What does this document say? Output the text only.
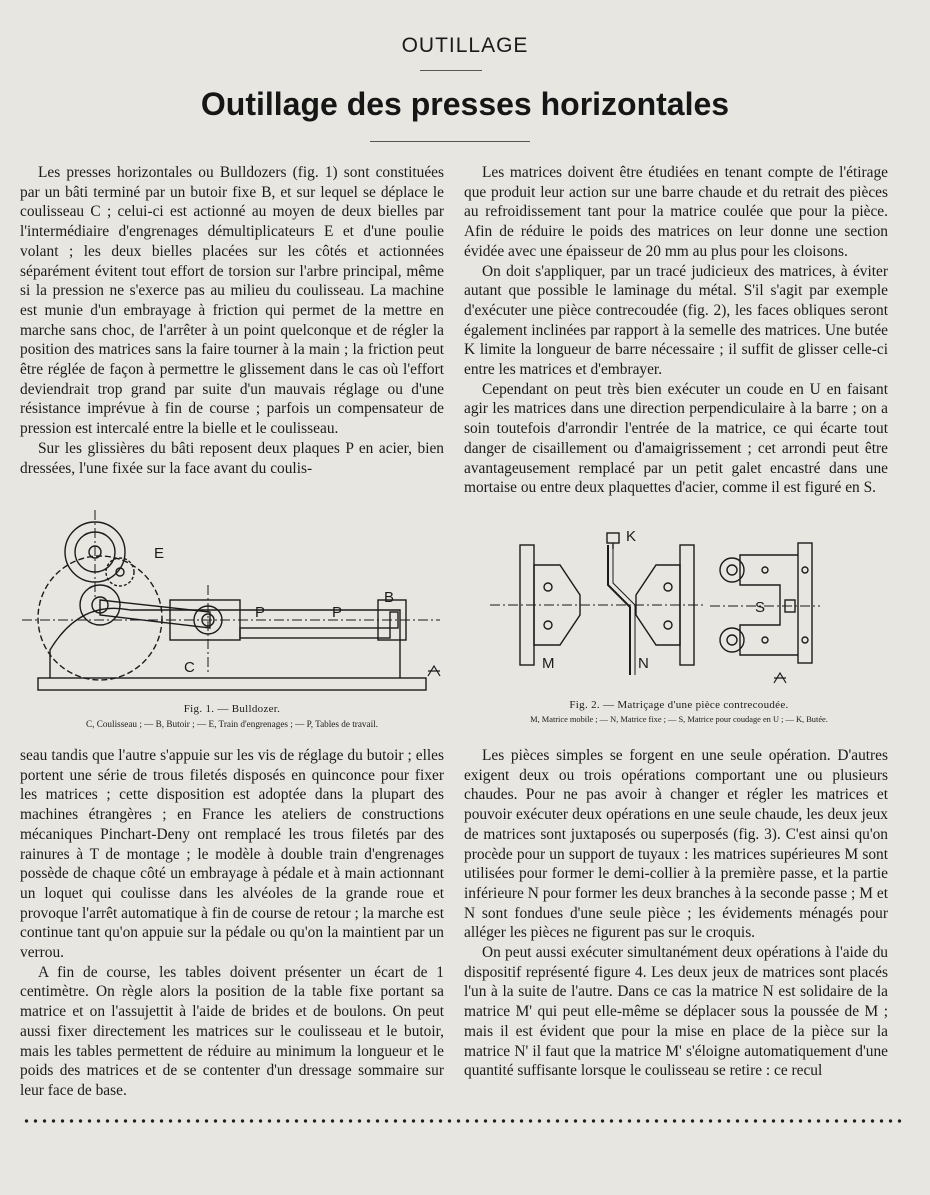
OUTILLAGE
Outillage des presses horizontales

Les presses horizontales ou Bulldozers (fig. 1) sont constituées par un bâti terminé par un butoir fixe B, et sur lequel se déplace le coulisseau C ; celui-ci est actionné au moyen de deux bielles par l'intermédiaire d'engrenages démultiplicateurs E et d'une poulie volant ; les deux bielles placées sur les côtés et actionnées séparément évitent tout effort de torsion sur l'arbre principal, même si la pression ne s'exerce pas au milieu du coulisseau. La machine est munie d'un embrayage à friction qui permet de la mettre en marche sans choc, de l'arrêter à un point quelconque et de régler la position des matrices sans la faire tourner à la main ; la friction peut être réglée de façon à permettre le glissement dans le cas où l'effort deviendrait trop grand par suite d'un mauvais réglage ou d'une résistance imprévue à fin de course ; parfois un compensateur de pression est intercalé entre la bielle et le coulisseau.

Sur les glissières du bâti reposent deux plaques P en acier, bien dressées, l'une fixée sur la face avant du coulis-

Les matrices doivent être étudiées en tenant compte de l'étirage que produit leur action sur une barre chaude et du retrait des pièces au refroidissement tant pour la matrice coulée que pour la pièce. Afin de réduire le poids des matrices on leur donne une section évidée avec une épaisseur de 20 mm au plus pour les cloisons.

On doit s'appliquer, par un tracé judicieux des matrices, à éviter autant que possible le laminage du métal. S'il s'agit par exemple d'exécuter une pièce contrecoudée (fig. 2), les faces obliques seront également inclinées par rapport à la semelle des matrices. Une butée K limite la longueur de barre nécessaire ; il suffit de glisser celle-ci entre les matrices et d'embrayer.

Cependant on peut très bien exécuter un coude en U en faisant agir les matrices dans une direction perpendiculaire à la barre ; on a soin toutefois d'arrondir l'entrée de la matrice, ce qui écarte tout danger de cisaillement ou d'amaigrissement ; cet arrondi peut être avantageusement remplacé par un petit galet encastré dans une mortaise ou entre deux plaquettes d'acier, comme il est figuré en S.

E
P	P
B
C
Fig. 1. — Bulldozer.
C, Coulisseau ; — B, Butoir ; — E, Train d'engrenages ; — P, Tables de travail.
K
M	N
S
Fig. 2. — Matriçage d'une pièce contrecoudée.
M, Matrice mobile ; — N, Matrice fixe ; — S, Matrice pour coudage en U ; — K, Butée.

seau tandis que l'autre s'appuie sur les vis de réglage du butoir ; elles portent une série de trous filetés disposés en quinconce pour fixer les matrices ; cette disposition est adoptée dans la plupart des machines étrangères ; en France les ateliers de constructions mécaniques Pinchart-Deny ont remplacé les trous filetés par des rainures à T de montage ; le modèle à double train d'engrenages possède de chaque côté un embrayage à pédale et à main actionnant un loquet qui coulisse dans les alvéoles de la grande roue et provoque l'arrêt automatique à fin de course de retour ; la marche est continue tant qu'on appuie sur la pédale ou qu'on la maintient par un verrou.

A fin de course, les tables doivent présenter un écart de 1 centimètre. On règle alors la position de la table fixe portant sa matrice et on l'assujettit à l'aide de brides et de boulons. On peut aussi fixer directement les matrices sur le coulisseau et le butoir, mais les tables permettent de réduire au minimum la longueur et le poids des matrices et de se contenter d'un dressage sommaire sur leur face de base.

Les pièces simples se forgent en une seule opération. D'autres exigent deux ou trois opérations comportant une ou plusieurs chaudes. Pour ne pas avoir à changer et régler les matrices et pouvoir exécuter deux opérations en une seule chaude, les deux jeux de matrices sont juxtaposés ou superposés (fig. 3). C'est ainsi qu'on procède pour un support de tuyaux : les matrices supérieures M sont utilisées pour former le demi-collier à la première passe, et la partie inférieure N pour former les deux branches à la seconde passe ; M et N sont fondues d'une seule pièce ; les évidements ménagés pour alléger les pièces ne figurent pas sur le croquis.

On peut aussi exécuter simultanément deux opérations à l'aide du dispositif représenté figure 4. Les deux jeux de matrices sont placés l'un à la suite de l'autre. Dans ce cas la matrice N est solidaire de la matrice M' qui peut elle-même se déplacer sous la poussée de M ; mais il est évident que pour la mise en place de la pièce sur la matrice N' il faut que la matrice M' s'éloigne automatiquement d'une quantité suffisante lorsque le coulisseau se retire : ce recul
